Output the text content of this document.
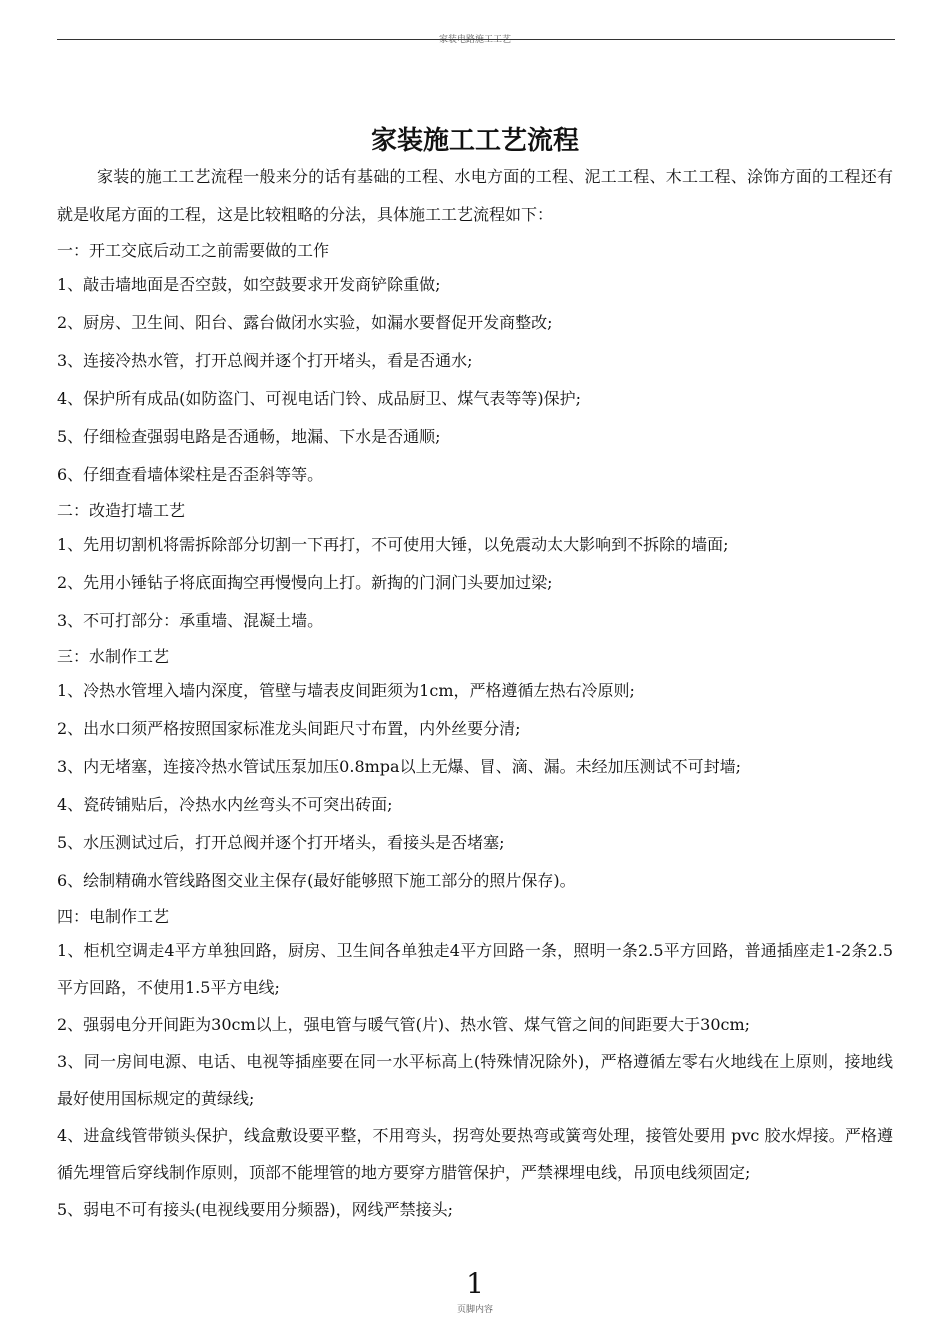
家装电路施工工艺
家装施工工艺流程

家装的施工工艺流程一般来分的话有基础的工程、水电方面的工程、泥工工程、木工工程、涂饰方面的工程还有就是收尾方面的工程，这是比较粗略的分法，具体施工工艺流程如下：

一：开工交底后动工之前需要做的工作

1、敲击墙地面是否空鼓，如空鼓要求开发商铲除重做;

2、厨房、卫生间、阳台、露台做闭水实验，如漏水要督促开发商整改;

3、连接冷热水管，打开总阀并逐个打开堵头，看是否通水;

4、保护所有成品(如防盗门、可视电话门铃、成品厨卫、煤气表等等)保护;

5、仔细检查强弱电路是否通畅，地漏、下水是否通顺;

6、仔细查看墙体梁柱是否歪斜等等。

二：改造打墙工艺

1、先用切割机将需拆除部分切割一下再打，不可使用大锤，以免震动太大影响到不拆除的墙面;

2、先用小锤钻子将底面掏空再慢慢向上打。新掏的门洞门头要加过梁;

3、不可打部分：承重墙、混凝土墙。

三：水制作工艺

1、冷热水管埋入墙内深度，管壁与墙表皮间距须为1cm，严格遵循左热右冷原则;

2、出水口须严格按照国家标准龙头间距尺寸布置，内外丝要分清;

3、内无堵塞，连接冷热水管试压泵加压0.8mpa以上无爆、冒、滴、漏。未经加压测试不可封墙;

4、瓷砖铺贴后，冷热水内丝弯头不可突出砖面;

5、水压测试过后，打开总阀并逐个打开堵头，看接头是否堵塞;

6、绘制精确水管线路图交业主保存(最好能够照下施工部分的照片保存)。

四：电制作工艺

1、柜机空调走4平方单独回路，厨房、卫生间各单独走4平方回路一条，照明一条2.5平方回路，普通插座走1-2条2.5平方回路，不使用1.5平方电线;

2、强弱电分开间距为30cm以上，强电管与暖气管(片)、热水管、煤气管之间的间距要大于30cm;

3、同一房间电源、电话、电视等插座要在同一水平标高上(特殊情况除外)，严格遵循左零右火地线在上原则，接地线最好使用国标规定的黄绿线;

4、进盒线管带锁头保护，线盒敷设要平整，不用弯头，拐弯处要热弯或簧弯处理，接管处要用 pvc 胶水焊接。严格遵循先埋管后穿线制作原则，顶部不能埋管的地方要穿方腊管保护，严禁裸埋电线，吊顶电线须固定;

5、弱电不可有接头(电视线要用分频器)，网线严禁接头;

1
页脚内容
